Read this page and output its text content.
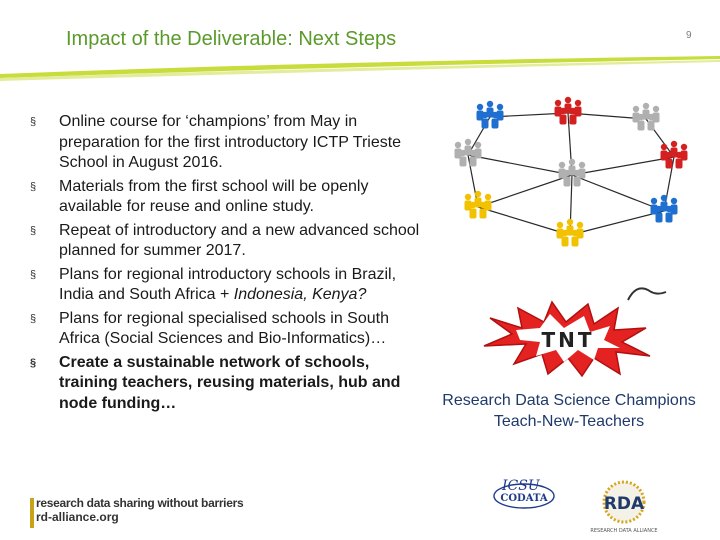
Impact of the Deliverable: Next Steps	9
§ Online course for ‘champions’ from May in preparation for the first introductory ICTP Trieste School in August 2016.
§ Materials from the first school will be openly available for reuse and online study.
§ Repeat of introductory and a new advanced school planned for summer 2017.
§ Plans for regional introductory schools in Brazil, India and South Africa + Indonesia, Kenya?
§ Plans for regional specialised schools in South Africa (Social Sciences and Bio-Informatics)…
§ Create a sustainable network of schools, training teachers, reusing materials, hub and node funding…
TNT
Research Data Science Champions
Teach-New-Teachers
research data sharing without barriers
rd-alliance.org
ICSU
CODATA	RDA
RESEARCH DATA ALLIANCE
